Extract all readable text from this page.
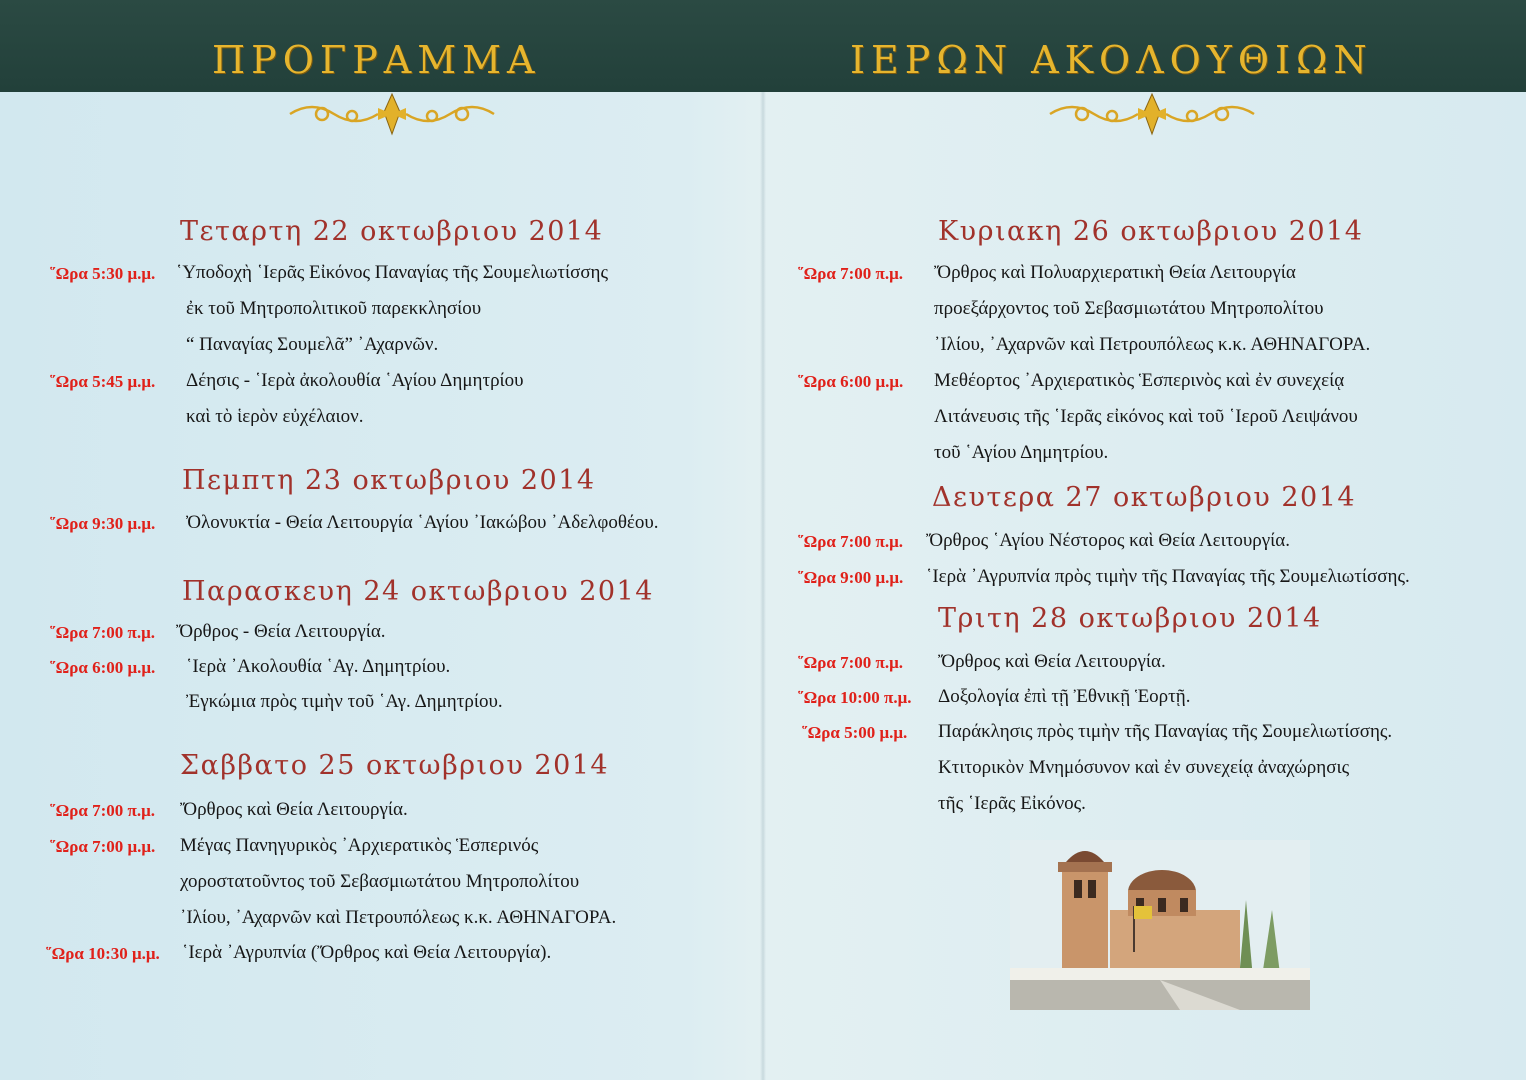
ΠΡΟΓΡΑΜΜΑ	ΙΕΡΩΝ ΑΚΟΛΟΥΘΙΩΝ
Τεταρτη 22 οκτωβριου 2014
῞Ωρα 5:30 μ.μ. ῾Υποδοχὴ ῾Ιερᾶς Εἰκόνος Παναγίας τῆς Σουμελιωτίσσης
ἐκ τοῦ Μητροπολιτικοῦ παρεκκλησίου
“ Παναγίας Σουμελᾶ” ᾿Αχαρνῶν.
῞Ωρα 5:45 μ.μ. Δέησις - ῾Ιερὰ ἀκολουθία ῾Αγίου Δημητρίου
καὶ τὸ ἱερὸν εὐχέλαιον.
Πεμπτη 23 οκτωβριου 2014
῞Ωρα 9:30 μ.μ. Ὀλονυκτία - Θεία Λειτουργία ῾Αγίου ᾿Ιακώβου ᾿Αδελφοθέου.
Παρασκευη 24 οκτωβριου 2014
῞Ωρα 7:00 π.μ. Ὄρθρος - Θεία Λειτουργία.
῞Ωρα 6:00 μ.μ. ῾Ιερὰ ᾿Ακολουθία ῾Αγ. Δημητρίου.
Ἐγκώμια πρὸς τιμὴν τοῦ ῾Αγ. Δημητρίου.
Σαββατο 25 οκτωβριου 2014
῞Ωρα 7:00 π.μ. Ὄρθρος καὶ Θεία Λειτουργία.
῞Ωρα 7:00 μ.μ. Μέγας Πανηγυρικὸς ᾿Αρχιερατικὸς Ἑσπερινός
χοροστατοῦντος τοῦ Σεβασμιωτάτου Μητροπολίτου
᾿Ιλίου, ᾿Αχαρνῶν καὶ Πετρουπόλεως κ.κ. ΑΘΗΝΑΓΟΡΑ.
῞Ωρα 10:30 μ.μ. ῾Ιερὰ ᾿Αγρυπνία (Ὄρθρος καὶ Θεία Λειτουργία).
Κυριακη 26 οκτωβριου 2014
῞Ωρα 7:00 π.μ. Ὄρθρος καὶ Πολυαρχιερατικὴ Θεία Λειτουργία
προεξάρχοντος τοῦ Σεβασμιωτάτου Μητροπολίτου
᾿Ιλίου, ᾿Αχαρνῶν καὶ Πετρουπόλεως κ.κ. ΑΘΗΝΑΓΟΡΑ.
῞Ωρα 6:00 μ.μ. Μεθέορτος ᾿Αρχιερατικὸς Ἑσπερινὸς καὶ ἐν συνεχείᾳ
Λιτάνευσις τῆς ῾Ιερᾶς εἰκόνος καὶ τοῦ ῾Ιεροῦ Λειψάνου
τοῦ ῾Αγίου Δημητρίου.
Δευτερα 27 οκτωβριου 2014
῞Ωρα 7:00 π.μ. Ὄρθρος ῾Αγίου Νέστορος καὶ Θεία Λειτουργία.
῞Ωρα 9:00 μ.μ. ῾Ιερὰ ᾿Αγρυπνία πρὸς τιμὴν τῆς Παναγίας τῆς Σουμελιωτίσσης.
Τριτη 28 οκτωβριου 2014
῞Ωρα 7:00 π.μ. Ὄρθρος καὶ Θεία Λειτουργία.
῞Ωρα 10:00 π.μ. Δοξολογία ἐπὶ τῇ Ἐθνικῇ Ἑορτῇ.
῞Ωρα 5:00 μ.μ. Παράκλησις πρὸς τιμὴν τῆς Παναγίας τῆς Σουμελιωτίσσης.
Κτιτορικὸν Μνημόσυνον καὶ ἐν συνεχείᾳ ἀναχώρησις
τῆς ῾Ιερᾶς Εἰκόνος.
